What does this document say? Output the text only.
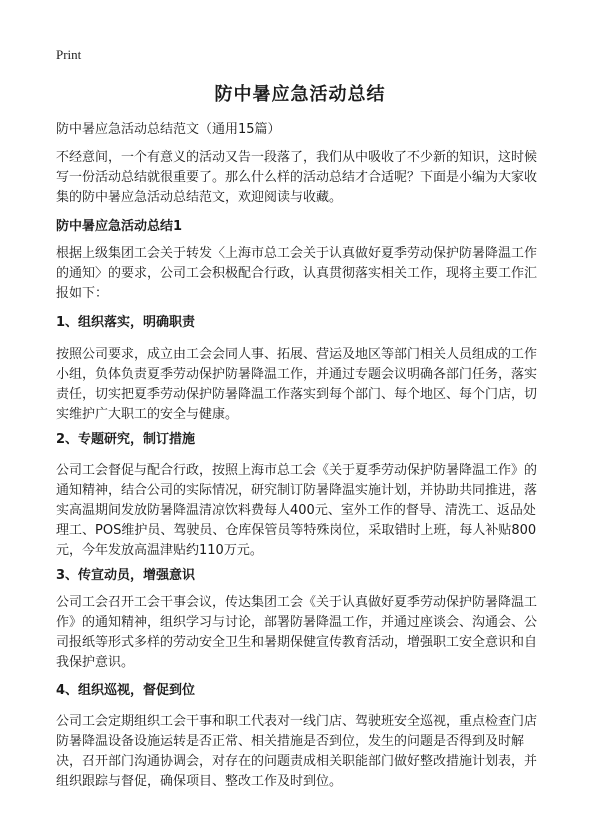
Print
防中暑应急活动总结

防中暑应急活动总结范文（通用15篇）

不经意间，一个有意义的活动又告一段落了，我们从中吸收了不少新的知识，这时候写一份活动总结就很重要了。那么什么样的活动总结才合适呢？下面是小编为大家收集的防中暑应急活动总结范文，欢迎阅读与收藏。

防中暑应急活动总结1

根据上级集团工会关于转发〈上海市总工会关于认真做好夏季劳动保护防暑降温工作的通知〉的要求，公司工会积极配合行政，认真贯彻落实相关工作，现将主要工作汇报如下：

1、组织落实，明确职责

按照公司要求，成立由工会会同人事、拓展、营运及地区等部门相关人员组成的工作小组，负体负责夏季劳动保护防暑降温工作，并通过专题会议明确各部门任务，落实责任，切实把夏季劳动保护防暑降温工作落实到每个部门、每个地区、每个门店，切实维护广大职工的安全与健康。

2、专题研究，制订措施

公司工会督促与配合行政，按照上海市总工会《关于夏季劳动保护防暑降温工作》的通知精神，结合公司的实际情况，研究制订防暑降温实施计划，并协助共同推进，落实高温期间发放防暑降温清凉饮料费每人400元、室外工作的督导、清洗工、返品处理工、POS维护员、驾驶员、仓库保管员等特殊岗位，采取错时上班，每人补贴800元，今年发放高温津贴约110万元。

3、传宣动员，增强意识

公司工会召开工会干事会议，传达集团工会《关于认真做好夏季劳动保护防暑降温工作》的通知精神，组织学习与讨论，部署防暑降温工作，并通过座谈会、沟通会、公司报纸等形式多样的劳动安全卫生和暑期保健宣传教育活动，增强职工安全意识和自我保护意识。

4、组织巡视，督促到位

公司工会定期组织工会干事和职工代表对一线门店、驾驶班安全巡视，重点检查门店防暑降温设备设施运转是否正常、相关措施是否到位，发生的问题是否得到及时解决，召开部门沟通协调会，对存在的问题责成相关职能部门做好整改措施计划表，并组织跟踪与督促，确保项目、整改工作及时到位。
